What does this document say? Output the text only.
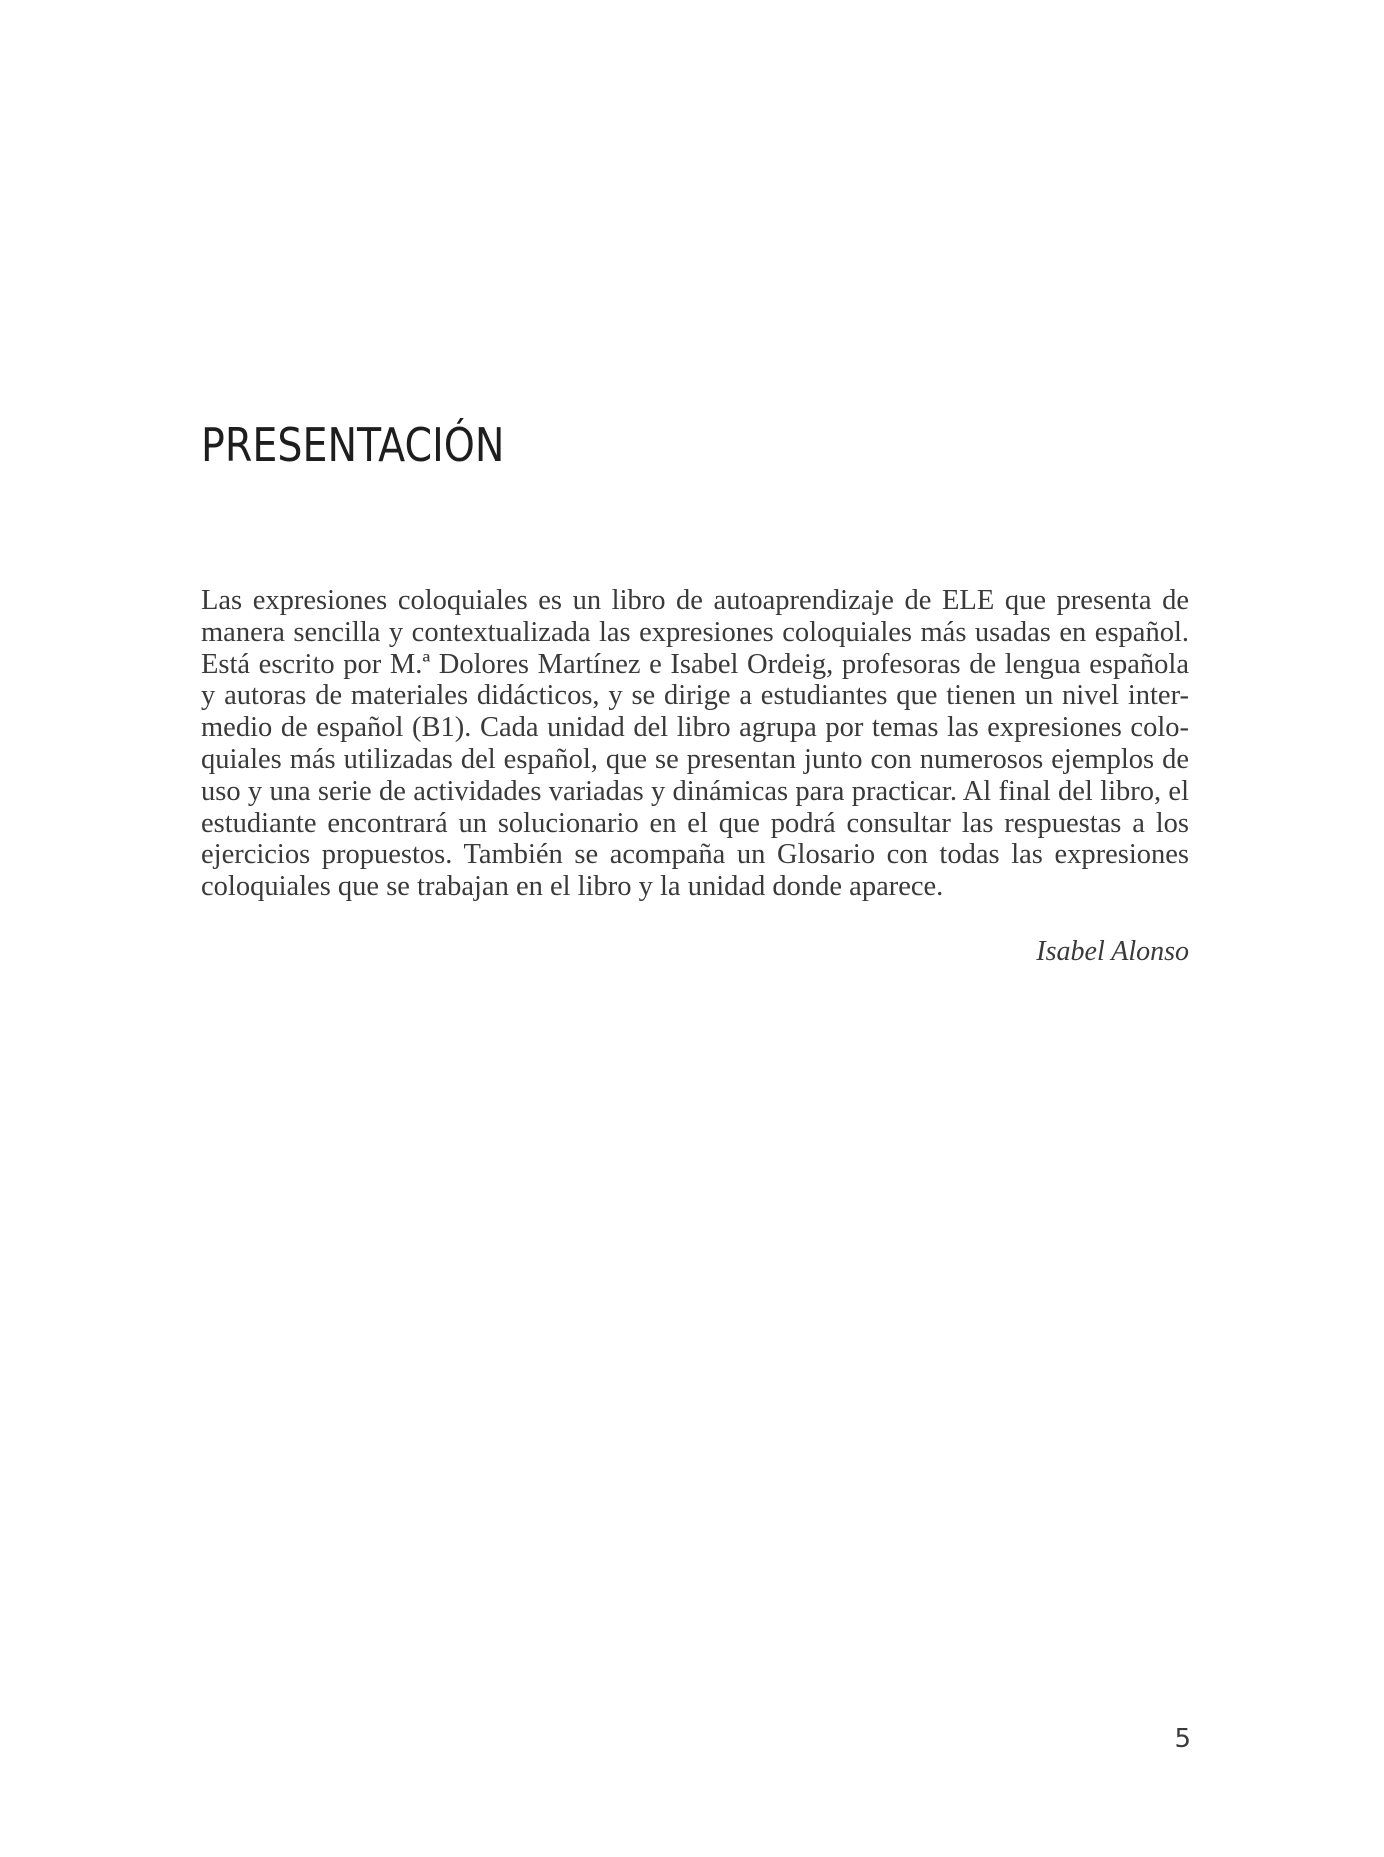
PRESENTACIÓN
Las expresiones coloquiales es un libro de autoaprendizaje de ELE que presenta de
manera sencilla y contextualizada las expresiones coloquiales más usadas en español.
Está escrito por M.ª Dolores Martínez e Isabel Ordeig, profesoras de lengua española
y autoras de materiales didácticos, y se dirige a estudiantes que tienen un nivel inter-
medio de español (B1). Cada unidad del libro agrupa por temas las expresiones colo-
quiales más utilizadas del español, que se presentan junto con numerosos ejemplos de
uso y una serie de actividades variadas y dinámicas para practicar. Al final del libro, el
estudiante encontrará un solucionario en el que podrá consultar las respuestas a los
ejercicios propuestos. También se acompaña un Glosario con todas las expresiones
coloquiales que se trabajan en el libro y la unidad donde aparece.

Isabel Alonso

5
